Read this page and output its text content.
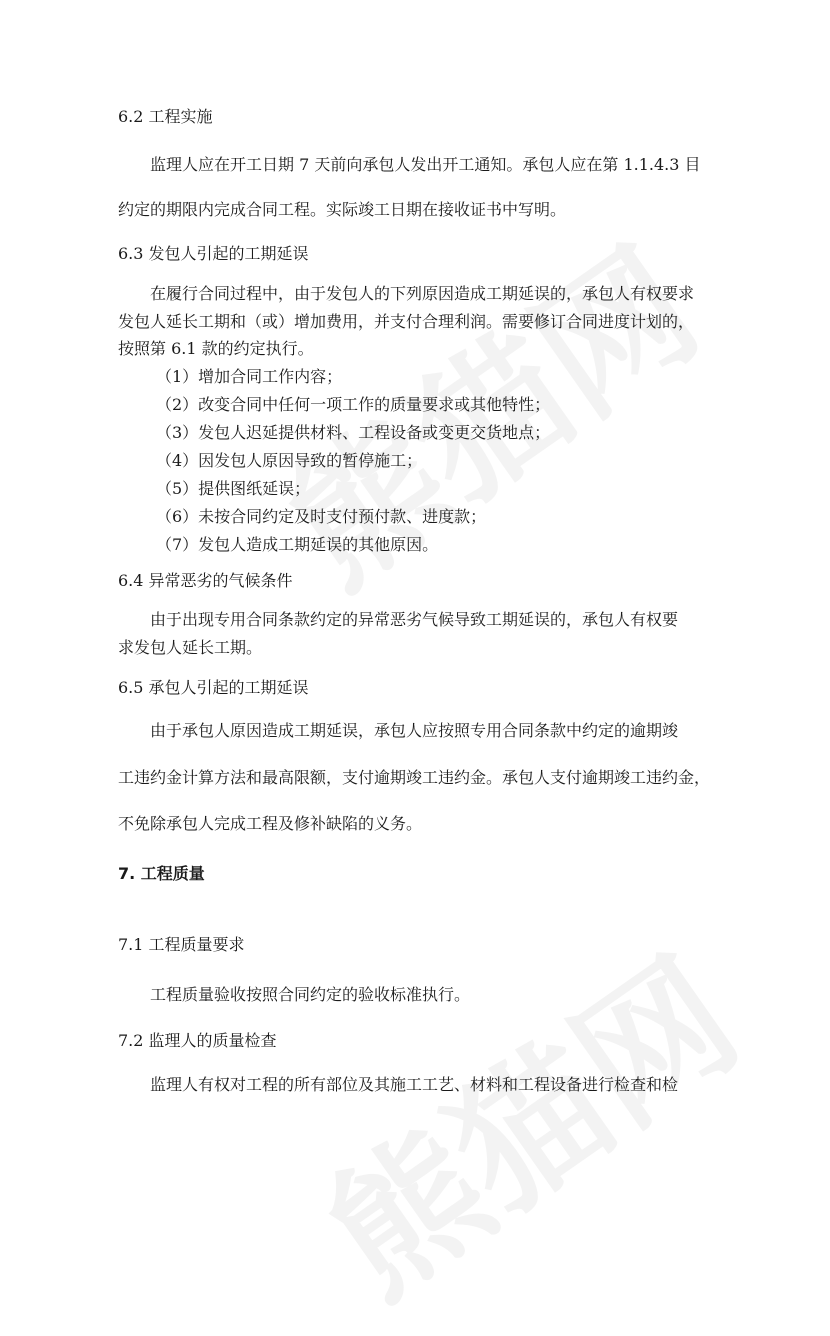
6.2 工程实施
监理人应在开工日期 7 天前向承包人发出开工通知。承包人应在第 1.1.4.3 目
约定的期限内完成合同工程。实际竣工日期在接收证书中写明。
6.3 发包人引起的工期延误
在履行合同过程中，由于发包人的下列原因造成工期延误的，承包人有权要求
发包人延长工期和（或）增加费用，并支付合理利润。需要修订合同进度计划的，
按照第 6.1 款的约定执行。
（1）增加合同工作内容；
（2）改变合同中任何一项工作的质量要求或其他特性；
（3）发包人迟延提供材料、工程设备或变更交货地点；
（4）因发包人原因导致的暂停施工；
（5）提供图纸延误；
（6）未按合同约定及时支付预付款、进度款；
（7）发包人造成工期延误的其他原因。
6.4 异常恶劣的气候条件
由于出现专用合同条款约定的异常恶劣气候导致工期延误的，承包人有权要
求发包人延长工期。
6.5 承包人引起的工期延误
由于承包人原因造成工期延误，承包人应按照专用合同条款中约定的逾期竣
工违约金计算方法和最高限额，支付逾期竣工违约金。承包人支付逾期竣工违约金，
不免除承包人完成工程及修补缺陷的义务。
7. 工程质量
7.1 工程质量要求
工程质量验收按照合同约定的验收标准执行。
7.2 监理人的质量检查
监理人有权对工程的所有部位及其施工工艺、材料和工程设备进行检查和检
